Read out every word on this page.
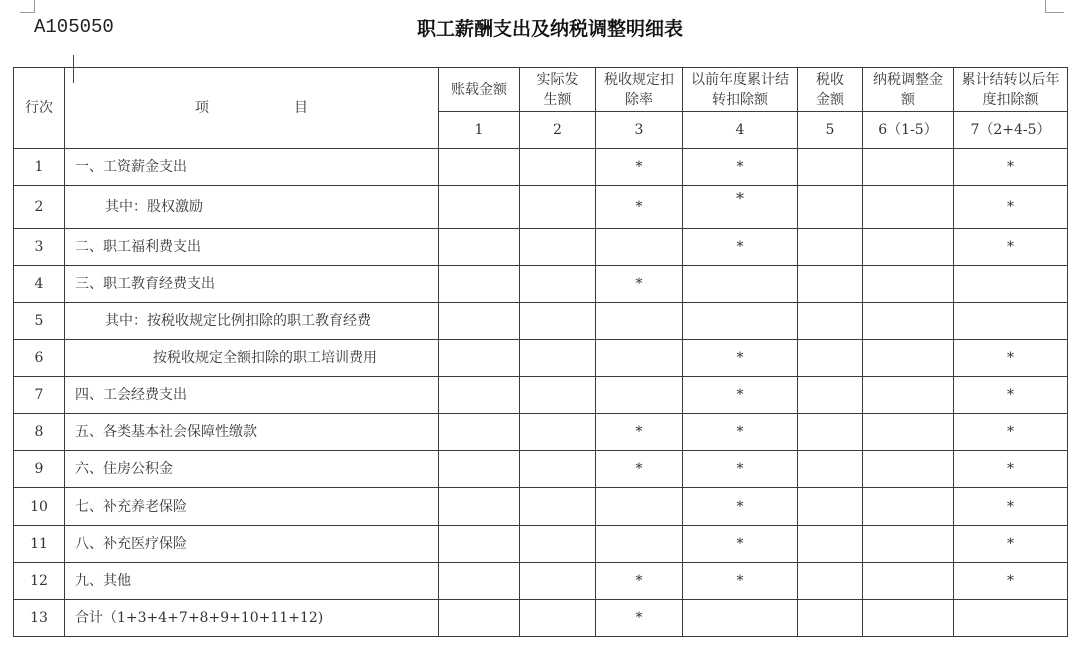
A105050	职工薪酬支出及纳税调整明细表
行次	项 目	账载金额	实际发生额	税收规定扣除率	以前年度累计结转扣除额	税收金额	纳税调整金额	累计结转以后年度扣除额
		1	2	3	4	5	6（1-5）	7（2+4-5）
1	一、工资薪金支出			*	*			*
2	其中：股权激励			*	*			*
3	二、职工福利费支出				*			*
4	三、职工教育经费支出			*				
5	其中：按税收规定比例扣除的职工教育经费							
6	按税收规定全额扣除的职工培训费用				*			*
7	四、工会经费支出				*			*
8	五、各类基本社会保障性缴款			*	*			*
9	六、住房公积金			*	*			*
10	七、补充养老保险				*			*
11	八、补充医疗保险				*			*
12	九、其他			*	*			*
13	合计（1+3+4+7+8+9+10+11+12)			*				
